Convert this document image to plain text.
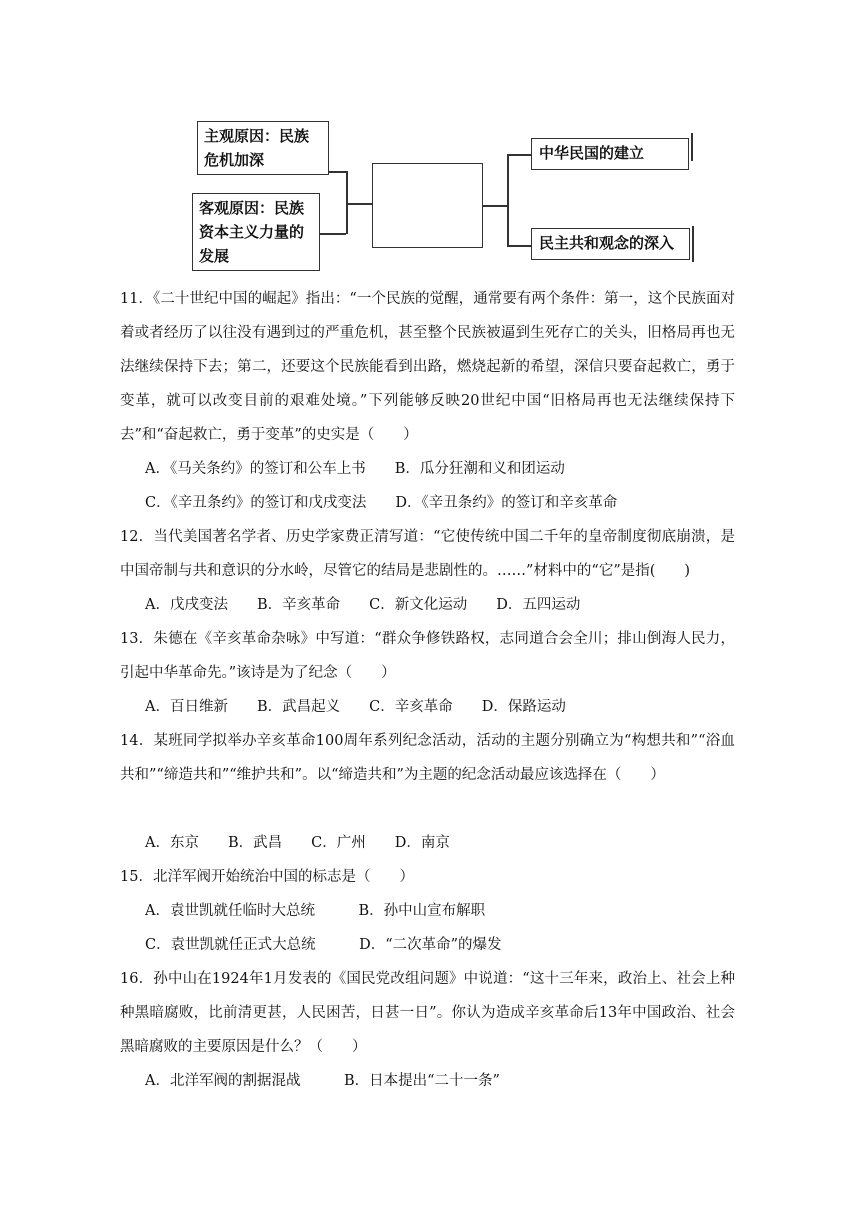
主观原因：民族危机加深
客观原因：民族资本主义力量的发展
中华民国的建立
民主共和观念的深入

11．《二十世纪中国的崛起》指出：“一个民族的觉醒，通常要有两个条件：第一，这个民族面对着或者经历了以往没有遇到过的严重危机，甚至整个民族被逼到生死存亡的关头，旧格局再也无法继续保持下去；第二，还要这个民族能看到出路，燃烧起新的希望，深信只要奋起救亡，勇于变革，就可以改变目前的艰难处境。”下列能够反映20世纪中国“旧格局再也无法继续保持下去”和“奋起救亡，勇于变革”的史实是（　　）

A．《马关条约》的签订和公车上书　　B．瓜分狂潮和义和团运动

C．《辛丑条约》的签订和戊戌变法　　D．《辛丑条约》的签订和辛亥革命

12．当代美国著名学者、历史学家费正清写道：“它使传统中国二千年的皇帝制度彻底崩溃，是中国帝制与共和意识的分水岭，尽管它的结局是悲剧性的。……”材料中的“它”是指(　　)

A．戊戌变法　　B．辛亥革命　　C．新文化运动　　D．五四运动

13．朱德在《辛亥革命杂咏》中写道：“群众争修铁路权，志同道合会全川；排山倒海人民力，引起中华革命先。”该诗是为了纪念（　　）

A．百日维新　　B．武昌起义　　C．辛亥革命　　D．保路运动

14．某班同学拟举办辛亥革命100周年系列纪念活动，活动的主题分别确立为“构想共和”“浴血共和”“缔造共和”“维护共和”。以“缔造共和”为主题的纪念活动最应该选择在（　　）

A．东京　　B．武昌　　C．广州　　D．南京

15．北洋军阀开始统治中国的标志是（　　）

A．袁世凯就任临时大总统　　　B．孙中山宣布解职

C．袁世凯就任正式大总统　　　D．“二次革命”的爆发

16．孙中山在1924年1月发表的《国民党改组问题》中说道：“这十三年来，政治上、社会上种种黑暗腐败，比前清更甚，人民困苦，日甚一日”。你认为造成辛亥革命后13年中国政治、社会黑暗腐败的主要原因是什么？（　　）

A．北洋军阀的割据混战　　　B．日本提出“二十一条”
